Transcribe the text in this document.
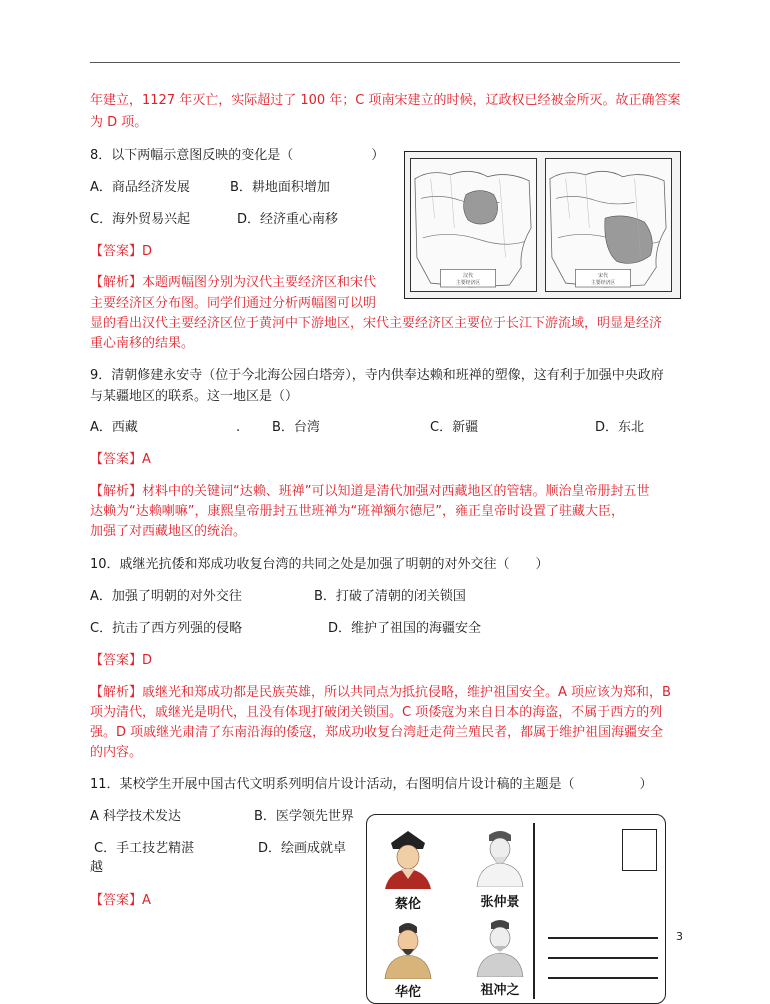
年建立，1127 年灭亡，实际超过了 100 年；C 项南宋建立的时候，辽政权已经被金所灭。故正确答案
为 D 项。
8．以下两幅示意图反映的变化是（　　　　　　）
A．商品经济发展	B．耕地面积增加
C．海外贸易兴起	D．经济重心南移
【答案】D
【解析】本题两幅图分别为汉代主要经济区和宋代
主要经济区分布图。同学们通过分析两幅图可以明
显的看出汉代主要经济区位于黄河中下游地区，宋代主要经济区主要位于长江下游流域，明显是经济
重心南移的结果。
汉代
主要经济区
宋代
主要经济区
9．清朝修建永安寺（位于今北海公园白塔旁），寺内供奉达赖和班禅的塑像，这有利于加强中央政府
与某疆地区的联系。这一地区是（）
A．西藏	. B．台湾	C．新疆	D．东北
【答案】A
【解析】材料中的关键词“达赖、班禅”可以知道是清代加强对西藏地区的管辖。顺治皇帝册封五世
达赖为“达赖喇嘛”，康熙皇帝册封五世班禅为“班禅额尔德尼”，雍正皇帝时设置了驻藏大臣，
加强了对西藏地区的统治。
10．戚继光抗倭和郑成功收复台湾的共同之处是加强了明朝的对外交往（　　）
A．加强了明朝的对外交往	B．打破了清朝的闭关锁国
C．抗击了西方列强的侵略	D．维护了祖国的海疆安全
【答案】D
【解析】戚继光和郑成功都是民族英雄，所以共同点为抵抗侵略，维护祖国安全。A 项应该为郑和，B
项为清代，戚继光是明代，且没有体现打破闭关锁国。C 项倭寇为来自日本的海盗，不属于西方的列
强。D 项戚继光肃清了东南沿海的倭寇，郑成功收复台湾赶走荷兰殖民者，都属于维护祖国海疆安全
的内容。
11．某校学生开展中国古代文明系列明信片设计活动，右图明信片设计稿的主题是（　　　　　）
A 科学技术发达	B．医学领先世界
C．手工技艺精湛	D．绘画成就卓
越
【答案】A	蔡伦	张仲景
华佗	祖冲之
3
